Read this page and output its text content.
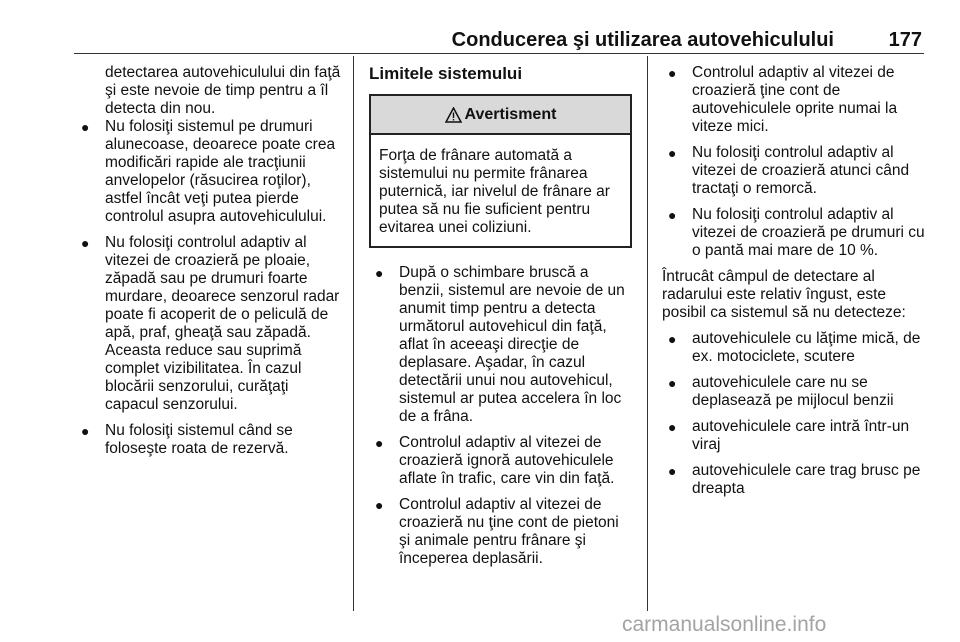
Conducerea şi utilizarea autovehiculului	177

detectarea autovehiculului din faţă şi este nevoie de timp pentru a îl detecta din nou.

● Nu folosiţi sistemul pe drumuri alunecoase, deoarece poate crea modificări rapide ale tracţiunii anvelopelor (răsucirea roţilor), astfel încât veţi putea pierde controlul asupra autovehiculului.
● Nu folosiţi controlul adaptiv al vitezei de croazieră pe ploaie, zăpadă sau pe drumuri foarte murdare, deoarece senzorul radar poate fi acoperit de o peliculă de apă, praf, gheaţă sau zăpadă. Aceasta reduce sau suprimă complet vizibilitatea. În cazul blocării senzorului, curăţaţi capacul senzorului.
● Nu folosiţi sistemul când se foloseşte roata de rezervă.
Limitele sistemului
Avertisment
Forţa de frânare automată a sistemului nu permite frânarea puternică, iar nivelul de frânare ar putea să nu fie suficient pentru evitarea unei coliziuni.
● După o schimbare bruscă a benzii, sistemul are nevoie de un anumit timp pentru a detecta următorul autovehicul din faţă, aflat în aceeaşi direcţie de deplasare. Aşadar, în cazul detectării unui nou autovehicul, sistemul ar putea accelera în loc de a frâna.
● Controlul adaptiv al vitezei de croazieră ignoră autovehiculele aflate în trafic, care vin din faţă.
● Controlul adaptiv al vitezei de croazieră nu ţine cont de pietoni şi animale pentru frânare şi începerea deplasării.
● Controlul adaptiv al vitezei de croazieră ţine cont de autovehiculele oprite numai la viteze mici.
● Nu folosiţi controlul adaptiv al vitezei de croazieră atunci când tractaţi o remorcă.
● Nu folosiţi controlul adaptiv al vitezei de croazieră pe drumuri cu o pantă mai mare de 10 %.

Întrucât câmpul de detectare al radarului este relativ îngust, este posibil ca sistemul să nu detecteze:

● autovehiculele cu lăţime mică, de ex. motociclete, scutere
● autovehiculele care nu se deplasează pe mijlocul benzii
● autovehiculele care intră într-un viraj
● autovehiculele care trag brusc pe dreapta
carmanualsonline.info
